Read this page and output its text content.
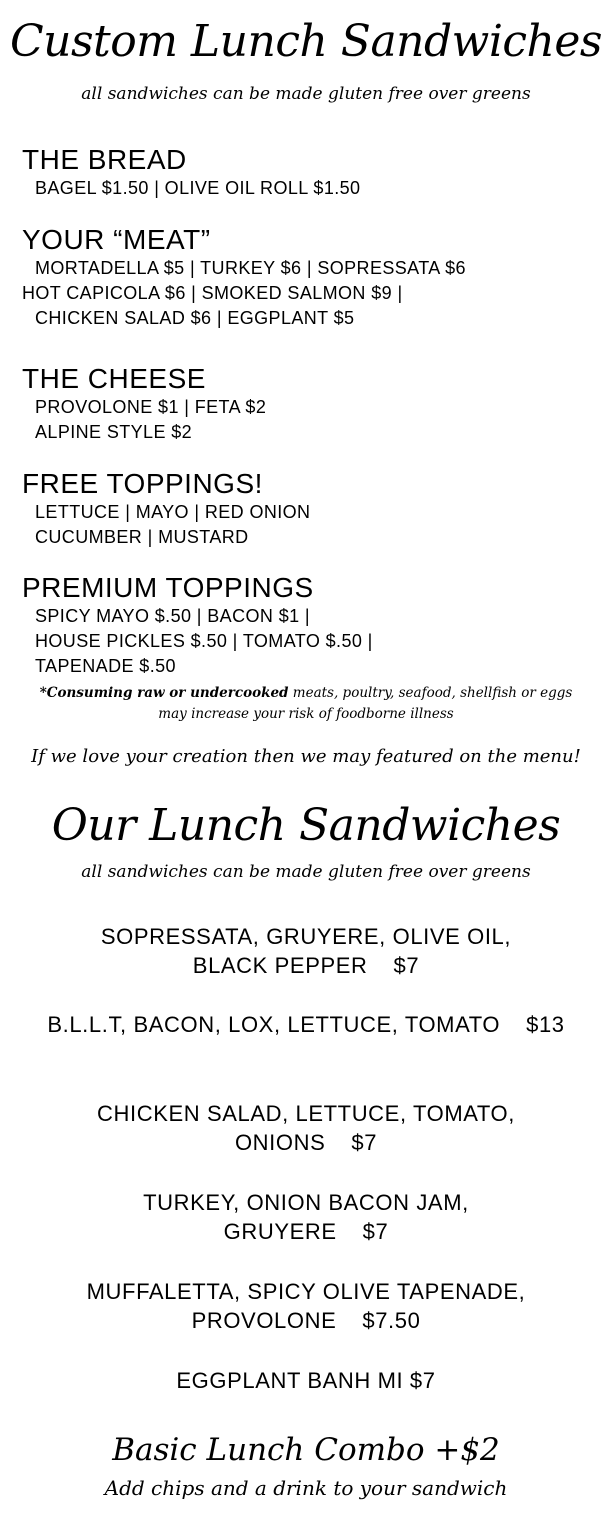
Custom Lunch Sandwiches
all sandwiches can be made gluten free over greens
THE BREAD
BAGEL $1.50 | OLIVE OIL ROLL $1.50
YOUR “MEAT”
MORTADELLA $5 | TURKEY $6 | SOPRESSATA $6
HOT CAPICOLA $6 | SMOKED SALMON $9 |
CHICKEN SALAD $6 | EGGPLANT $5
THE CHEESE
PROVOLONE $1 | FETA $2
ALPINE STYLE $2
FREE TOPPINGS!
LETTUCE | MAYO | RED ONION
CUCUMBER | MUSTARD
PREMIUM TOPPINGS
SPICY MAYO $.50 | BACON $1 |
HOUSE PICKLES $.50 | TOMATO $.50 |
TAPENADE $.50
*Consuming raw or undercooked meats, poultry, seafood, shellfish or eggs
may increase your risk of foodborne illness
If we love your creation then we may featured on the menu!
Our Lunch Sandwiches
all sandwiches can be made gluten free over greens
SOPRESSATA, GRUYERE, OLIVE OIL,
BLACK PEPPER $7
B.L.L.T, BACON, LOX, LETTUCE, TOMATO $13
CHICKEN SALAD, LETTUCE, TOMATO,
ONIONS $7
TURKEY, ONION BACON JAM,
GRUYERE $7
MUFFALETTA, SPICY OLIVE TAPENADE,
PROVOLONE $7.50
EGGPLANT BANH MI $7
Basic Lunch Combo +$2
Add chips and a drink to your sandwich
